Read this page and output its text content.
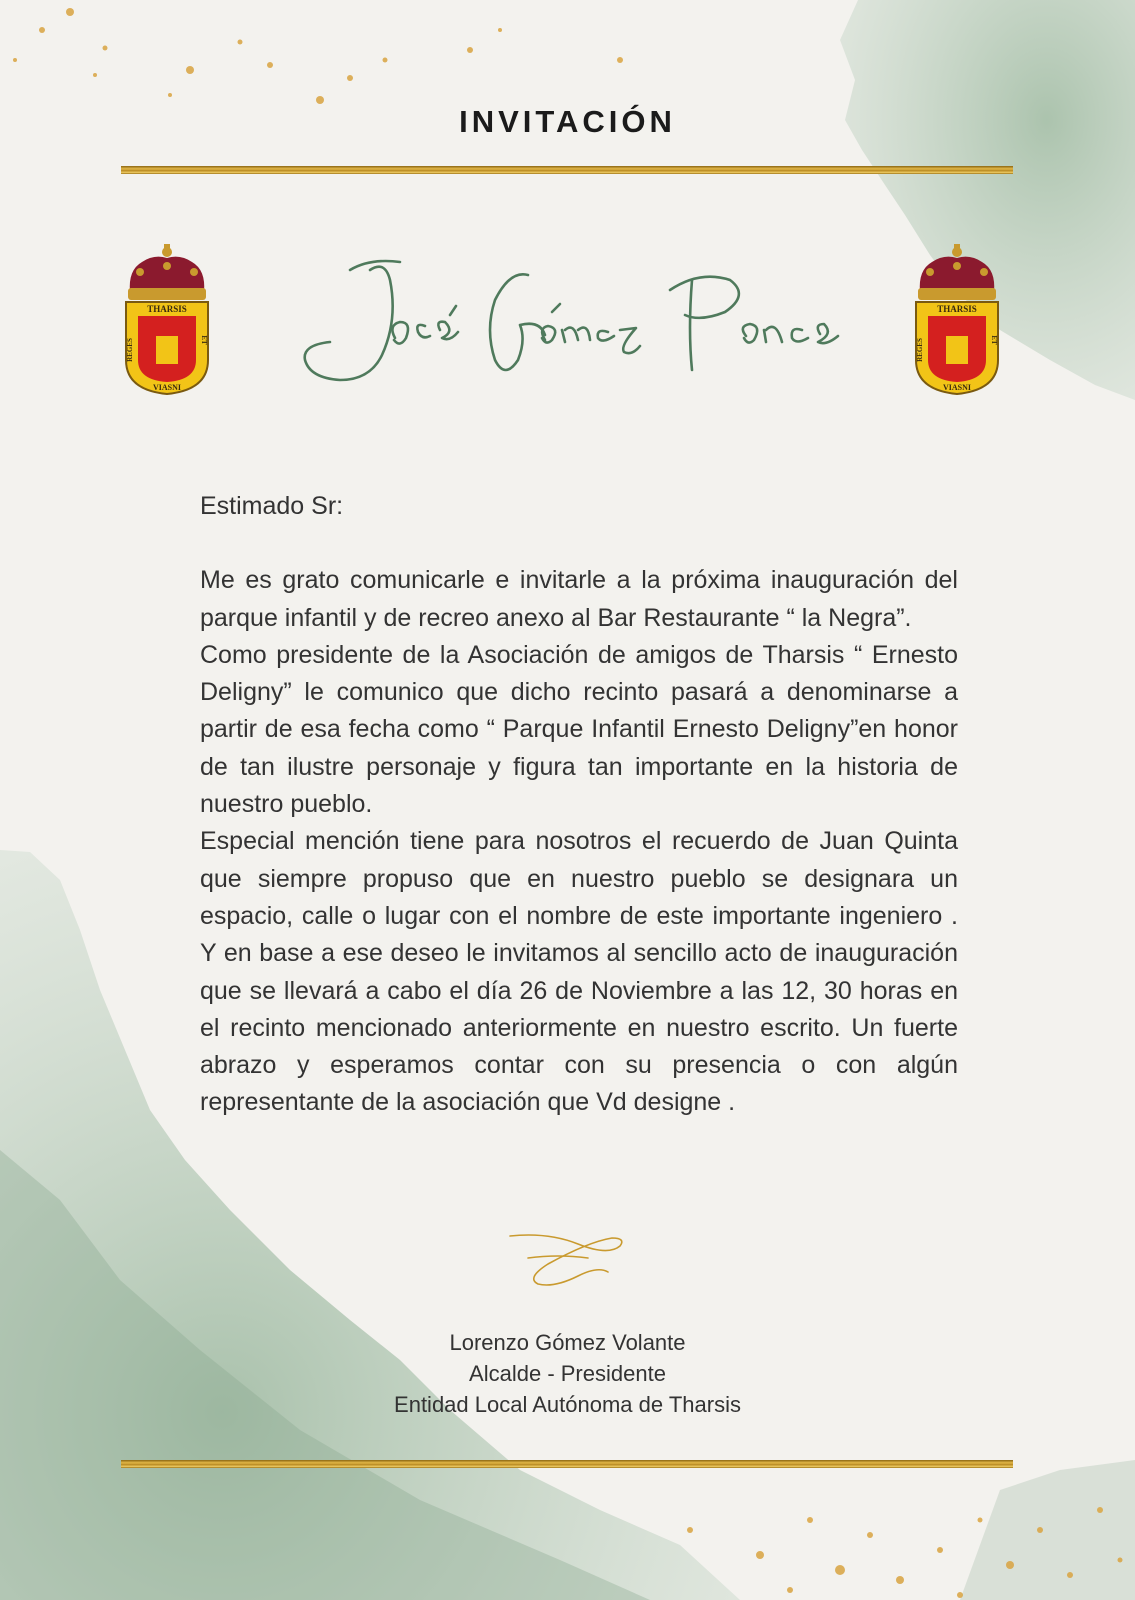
INVITACIÓN
THARSIS
REGES	ET
VIASNI
José Gómez Ponce
THARSIS
REGES	ET
VIASNI

Estimado Sr:

Me es grato comunicarle e invitarle a la próxima inauguración del parque infantil y de recreo anexo al Bar Restaurante “ la Negra”.

Como presidente de la Asociación de amigos de Tharsis “ Ernesto Deligny” le comunico que dicho recinto pasará a denominarse a partir de esa fecha como “ Parque Infantil Ernesto Deligny”en honor de tan ilustre personaje y figura tan importante en la historia de nuestro pueblo.

Especial mención tiene para nosotros el recuerdo de Juan Quinta que siempre propuso que en nuestro pueblo se designara un espacio, calle o lugar con el nombre de este importante ingeniero . Y en base a ese deseo le invitamos al sencillo acto de inauguración que se llevará a cabo el día 26 de Noviembre a las 12, 30 horas en el recinto mencionado anteriormente en nuestro escrito. Un fuerte abrazo y esperamos contar con su presencia o con algún representante de la asociación que Vd designe .

Lorenzo Gómez Volante
Alcalde - Presidente
Entidad Local Autónoma de Tharsis
